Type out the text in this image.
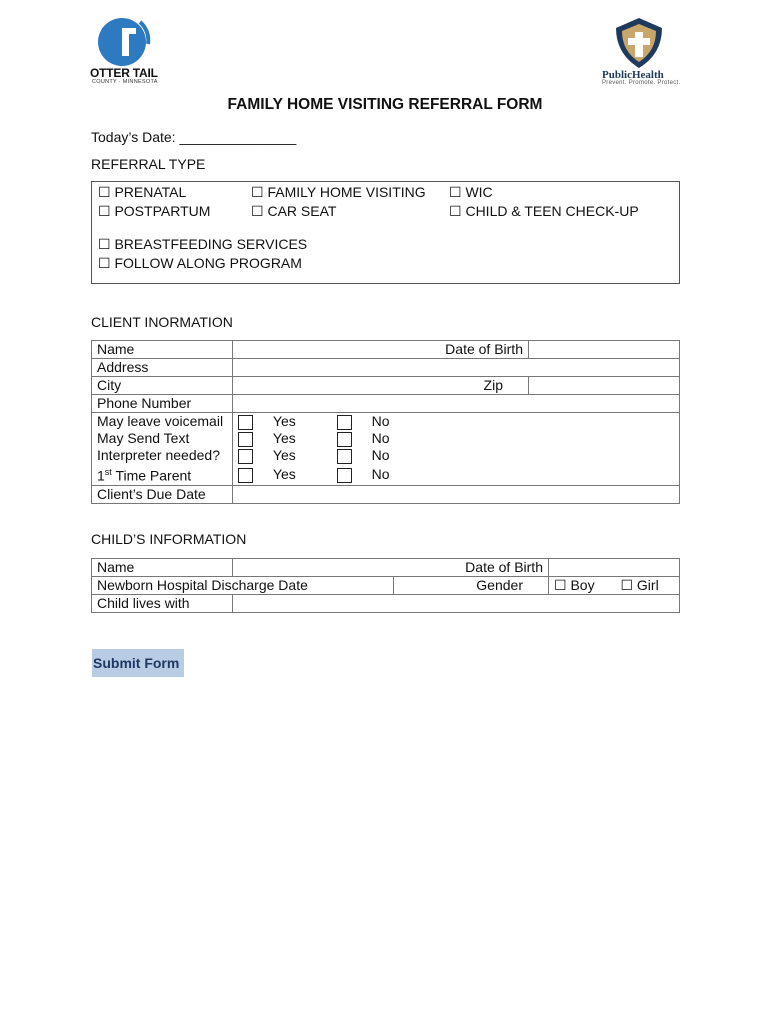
OTTER TAIL
COUNTY · MINNESOTA
PublicHealth
Prevent. Promote. Protect.
FAMILY HOME VISITING REFERRAL FORM
Today’s Date: _______________
REFERRAL TYPE
☐ PRENATAL
☐ POSTPARTUM
☐ FAMILY HOME VISITING
☐ CAR SEAT
☐ WIC
☐ CHILD & TEEN CHECK-UP
☐ BREASTFEEDING SERVICES
☐ FOLLOW ALONG PROGRAM
CLIENT INORMATION
Name	Date of Birth	
Address		
City	Zip	
Phone Number		
May leave voicemail	Yes No	
May Send Text	Yes No	
Interpreter needed?	Yes No	
1st Time Parent	Yes No	
Client’s Due Date		
CHILD’S INFORMATION
Name	Date of Birth		
Newborn Hospital Discharge Date		Gender	☐ Boy ☐ Girl
Child lives with			
Submit Form
